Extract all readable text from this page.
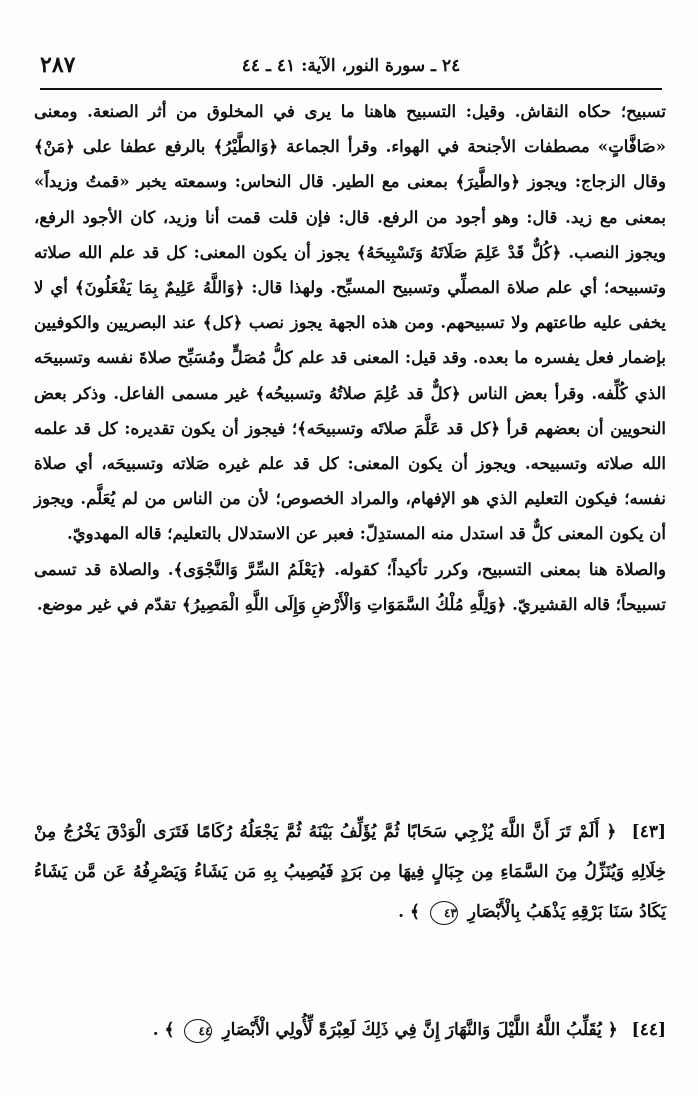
٢٨٧	٢٤ ـ سورة النور، الآية: ٤١ ـ ٤٤

تسبيح؛ حكاه النقاش. وقيل: التسبيح هاهنا ما يرى في المخلوق من أثر الصنعة. ومعنى «صَافَّاتٍ» مصطفات الأجنحة في الهواء. وقرأ الجماعة ﴿وَالطَّيْرُ﴾ بالرفع عطفا على ﴿مَنْ﴾ وقال الزجاج: ويجوز ﴿والطَّيرَ﴾ بمعنى مع الطير. قال النحاس: وسمعته يخبر «قمتُ وزيداً» بمعنى مع زيد. قال: وهو أجود من الرفع. قال: فإن قلت قمت أنا وزيد، كان الأجود الرفع، ويجوز النصب. ﴿كُلٌّ قَدْ عَلِمَ صَلَاتَهُ وَتَسْبِيحَهُ﴾ يجوز أن يكون المعنى: كل قد علم الله صلاته وتسبيحه؛ أي علم صلاة المصلِّي وتسبيح المسبِّح. ولهذا قال: ﴿وَاللَّهُ عَلِيمٌ بِمَا يَفْعَلُونَ﴾ أي لا يخفى عليه طاعتهم ولا تسبيحهم. ومن هذه الجهة يجوز نصب ﴿كل﴾ عند البصريين والكوفيين بإضمار فعل يفسره ما بعده. وقد قيل: المعنى قد علم كلُّ مُصَلٍّ ومُسَبِّح صلاةَ نفسه وتسبيحَه الذي كُلِّفه. وقرأ بعض الناس ﴿كلٌّ قد عُلِمَ صلاتُهُ وتسبيحُه﴾ غير مسمى الفاعل. وذكر بعض النحويين أن بعضهم قرأ ﴿كل قد عَلَّمَ صلاتَه وتسبيحَه﴾؛ فيجوز أن يكون تقديره: كل قد علمه الله صلاته وتسبيحه. ويجوز أن يكون المعنى: كل قد علم غيره صَلاته وتسبيحَه، أي صلاة نفسه؛ فيكون التعليم الذي هو الإفهام، والمراد الخصوص؛ لأن من الناس من لم يُعَلَّم. ويجوز أن يكون المعنى كلٌّ قد استدل منه المستدِلّ: فعبر عن الاستدلال بالتعليم؛ قاله المهدويّ.

والصلاة هنا بمعنى التسبيح، وكرر تأكيداً؛ كقوله. ﴿يَعْلَمُ السِّرَّ وَالنَّجْوَى﴾. والصلاة قد تسمى تسبيحاً؛ قاله القشيريّ. ﴿وَلِلَّهِ مُلْكُ السَّمَوَاتِ وَالْأَرْضِ وَإِلَى اللَّهِ الْمَصِيرُ﴾ تقدّم في غير موضع.

[٤٣] ﴿ أَلَمْ تَرَ أَنَّ اللَّهَ يُزْجِي سَحَابًا ثُمَّ يُؤَلِّفُ بَيْنَهُ ثُمَّ يَجْعَلُهُ رُكَامًا فَتَرَى الْوَدْقَ يَخْرُجُ مِنْ خِلَالِهِ وَيُنَزِّلُ مِنَ السَّمَاءِ مِن جِبَالٍ فِيهَا مِن بَرَدٍ فَيُصِيبُ بِهِ مَن يَشَاءُ وَيَصْرِفُهُ عَن مَّن يَشَاءُ يَكَادُ سَنَا بَرْقِهِ يَذْهَبُ بِالْأَبْصَارِ ٤٣ ﴾ .

[٤٤] ﴿ يُقَلِّبُ اللَّهُ اللَّيْلَ وَالنَّهَارَ إِنَّ فِي ذَلِكَ لَعِبْرَةً لِّأُولِي الْأَبْصَارِ ٤٤ ﴾ .
